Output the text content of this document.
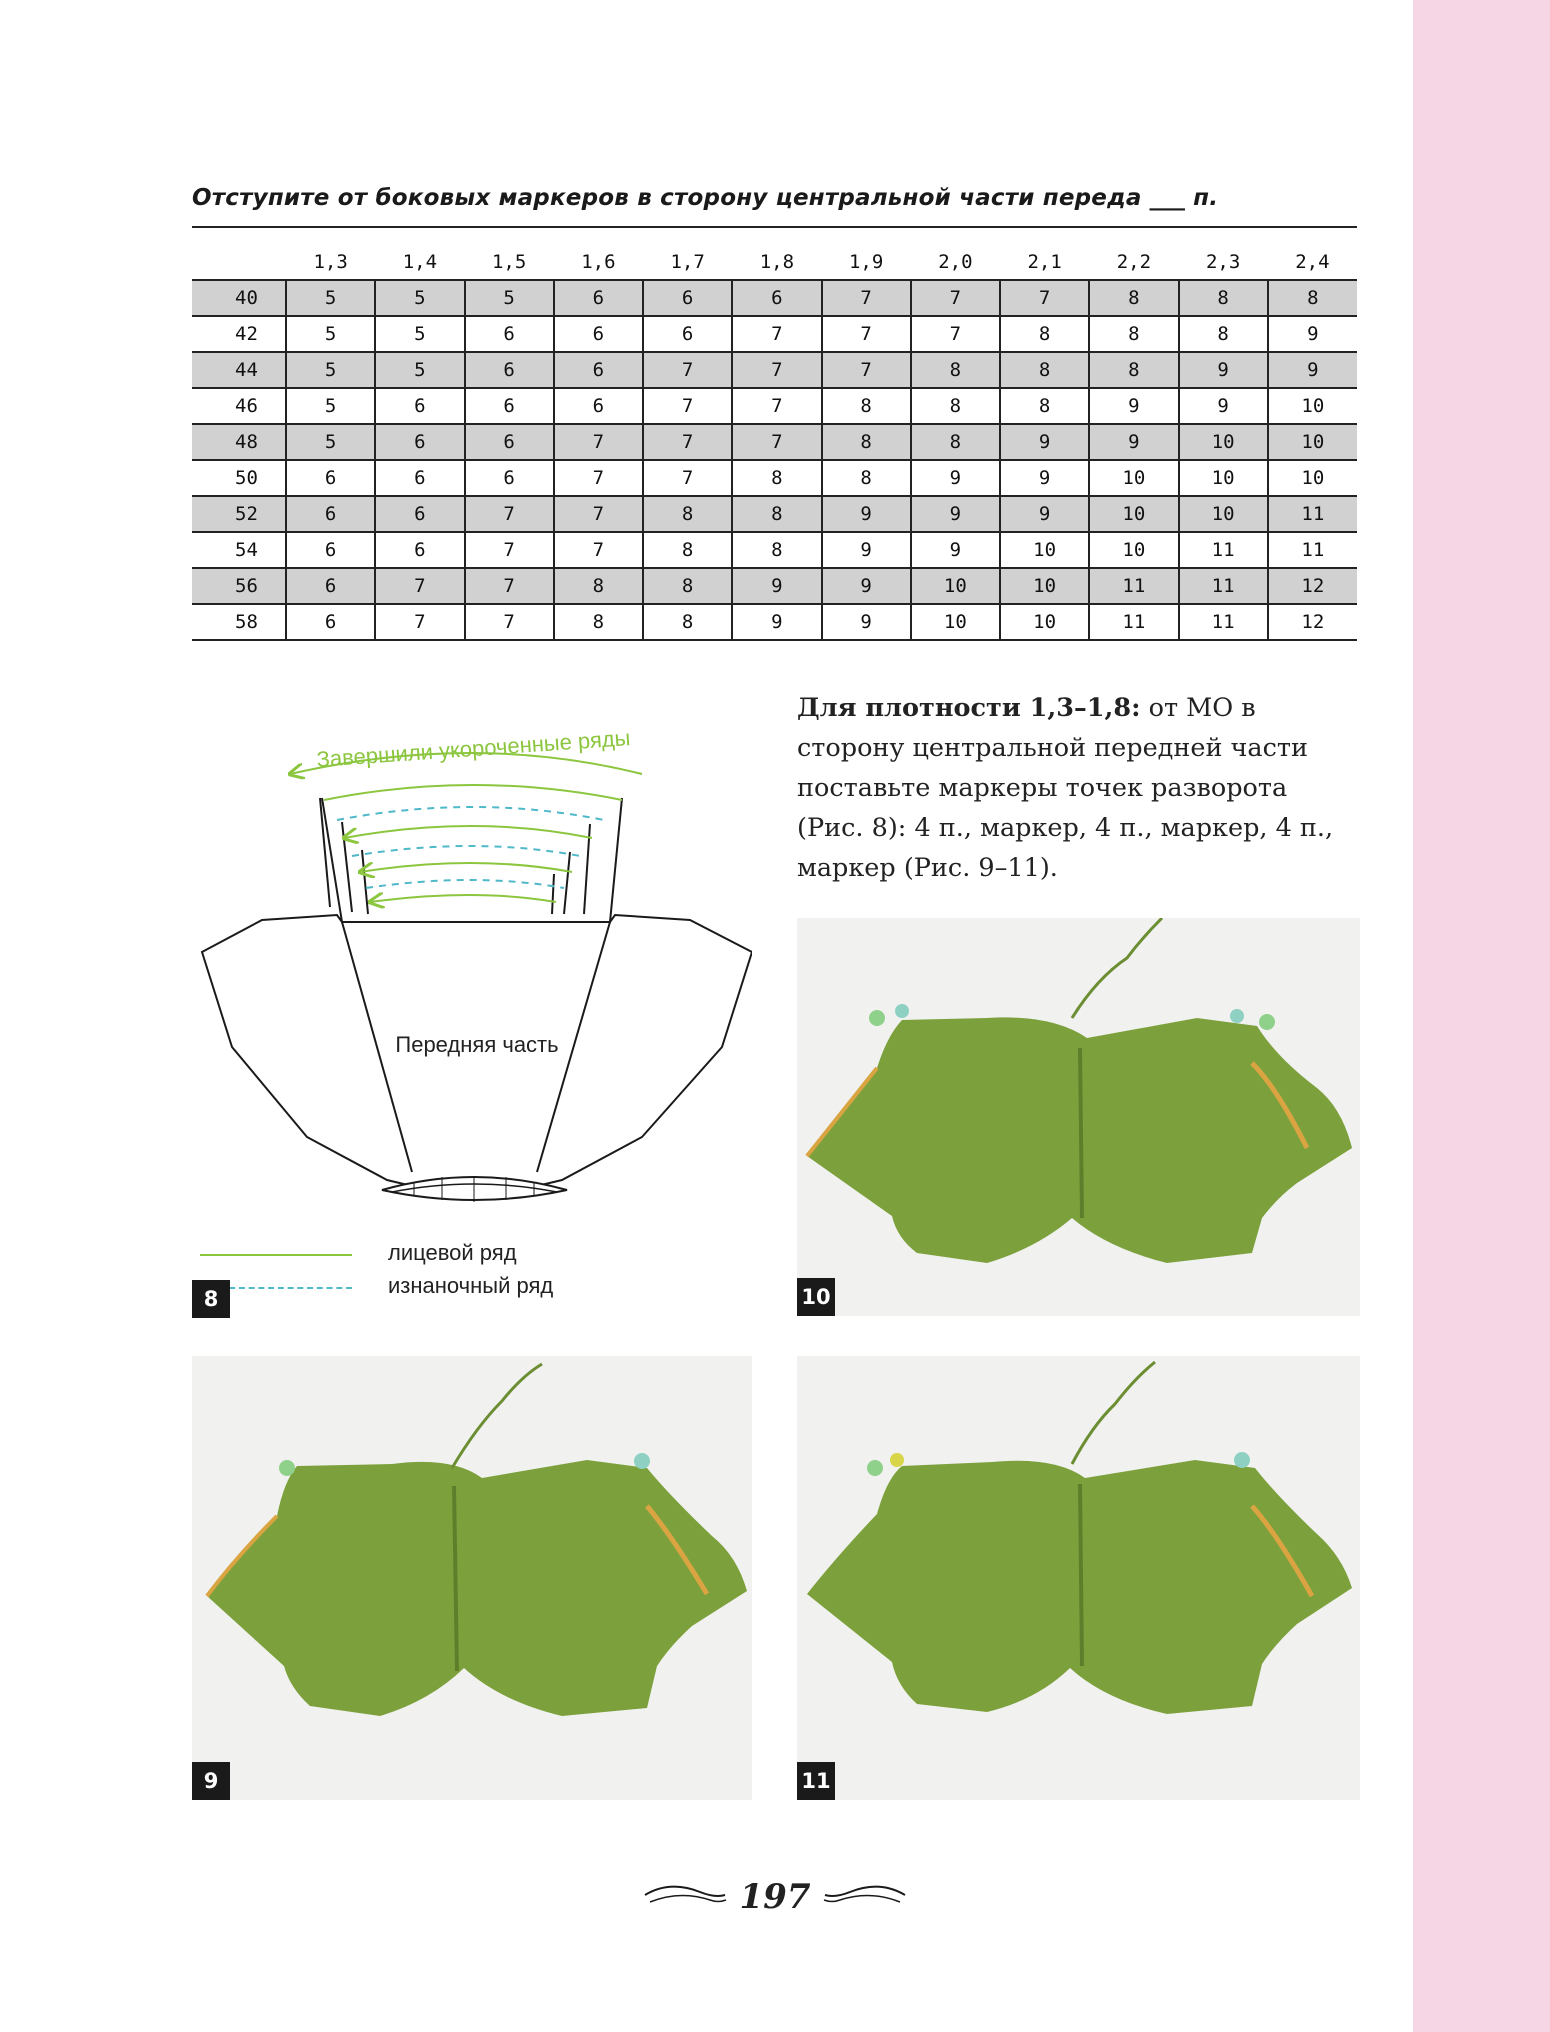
Отступите от боковых маркеров в сторону центральной части переда ___ п.
	1,3	1,4	1,5	1,6	1,7	1,8	1,9	2,0	2,1	2,2	2,3	2,4
40	5	5	5	6	6	6	7	7	7	8	8	8
42	5	5	6	6	6	7	7	7	8	8	8	9
44	5	5	6	6	7	7	7	8	8	8	9	9
46	5	6	6	6	7	7	8	8	8	9	9	10
48	5	6	6	7	7	7	8	8	9	9	10	10
50	6	6	6	7	7	8	8	9	9	10	10	10
52	6	6	7	7	8	8	9	9	9	10	10	11
54	6	6	7	7	8	8	9	9	10	10	11	11
56	6	7	7	8	8	9	9	10	10	11	11	12
58	6	7	7	8	8	9	9	10	10	11	11	12
Завершили укороченные ряды
Передняя часть
лицевой ряд
изнаночный ряд
8
Для плотности 1,3–1,8: от МО в сторону центральной передней части поставьте маркеры точек разворота (Рис. 8): 4 п., маркер, 4 п., маркер, 4 п., маркер (Рис. 9–11).
10
9	11
197
